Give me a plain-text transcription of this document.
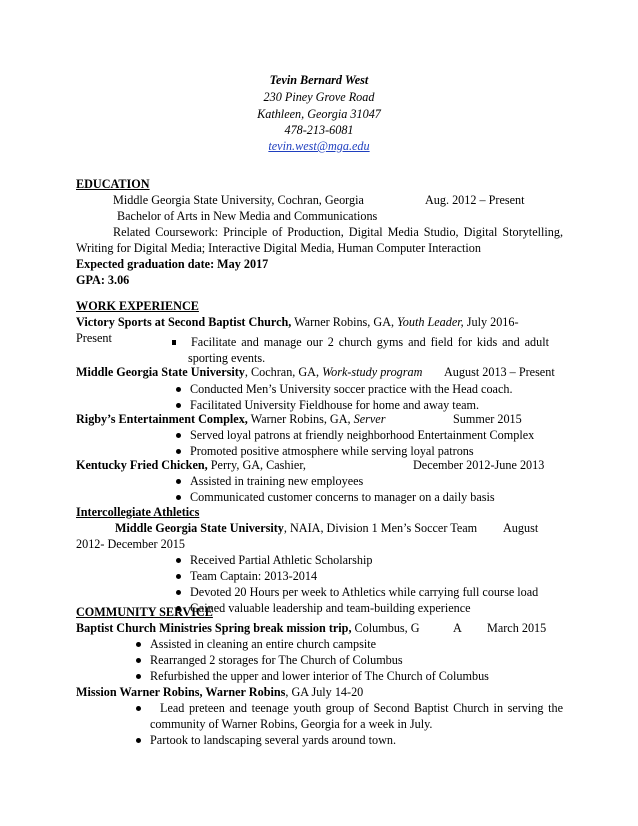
Tevin Bernard West
230 Piney Grove Road
Kathleen, Georgia 31047
478-213-6081
tevin.west@mga.edu
EDUCATION
Middle Georgia State University, Cochran, Georgia	Aug. 2012 – Present
Bachelor of Arts in New Media and Communications
Related Coursework: Principle of Production, Digital Media Studio, Digital Storytelling,
Writing for Digital Media; Interactive Digital Media, Human Computer Interaction
Expected graduation date: May 2017
GPA: 3.06
WORK EXPERIENCE
Victory Sports at Second Baptist Church, Warner Robins, GA, Youth Leader, July 2016-
Present	Facilitate and manage our 2 church gyms and field for kids and adult
sporting events.
Middle Georgia State University, Cochran, GA, Work-study program August 2013 – Present
Conducted Men’s University soccer practice with the Head coach.
Facilitated University Fieldhouse for home and away team.
Rigby’s Entertainment Complex, Warner Robins, GA, Server	Summer 2015
Served loyal patrons at friendly neighborhood Entertainment Complex
Promoted positive atmosphere while serving loyal patrons
Kentucky Fried Chicken, Perry, GA, Cashier,	December 2012-June 2013
Assisted in training new employees
Communicated customer concerns to manager on a daily basis
Intercollegiate Athletics
Middle Georgia State University, NAIA, Division 1 Men’s Soccer Team August
2012- December 2015
Received Partial Athletic Scholarship
Team Captain: 2013-2014
Devoted 20 Hours per week to Athletics while carrying full course load
Gained valuable leadership and team-building experience
COMMUNITY SERVICE
Baptist Church Ministries Spring break mission trip, Columbus, G	A March 2015
Assisted in cleaning an entire church campsite
Rearranged 2 storages for The Church of Columbus
Refurbished the upper and lower interior of The Church of Columbus
Mission Warner Robins, Warner Robins, GA July 14-20
Lead preteen and teenage youth group of Second Baptist Church in serving the
community of Warner Robins, Georgia for a week in July.
Partook to landscaping several yards around town.
